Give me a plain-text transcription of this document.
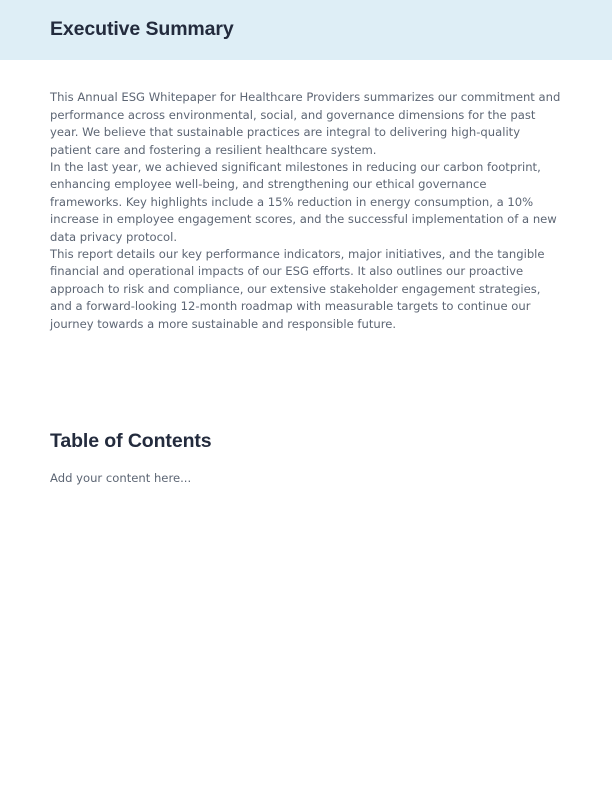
Executive Summary

This Annual ESG Whitepaper for Healthcare Providers summarizes our commitment and performance across environmental, social, and governance dimensions for the past year. We believe that sustainable practices are integral to delivering high-quality patient care and fostering a resilient healthcare system.

In the last year, we achieved significant milestones in reducing our carbon footprint, enhancing employee well-being, and strengthening our ethical governance frameworks. Key highlights include a 15% reduction in energy consumption, a 10% increase in employee engagement scores, and the successful implementation of a new data privacy protocol.

This report details our key performance indicators, major initiatives, and the tangible financial and operational impacts of our ESG efforts. It also outlines our proactive approach to risk and compliance, our extensive stakeholder engagement strategies, and a forward-looking 12-month roadmap with measurable targets to continue our journey towards a more sustainable and responsible future.

Table of Contents

Add your content here...
